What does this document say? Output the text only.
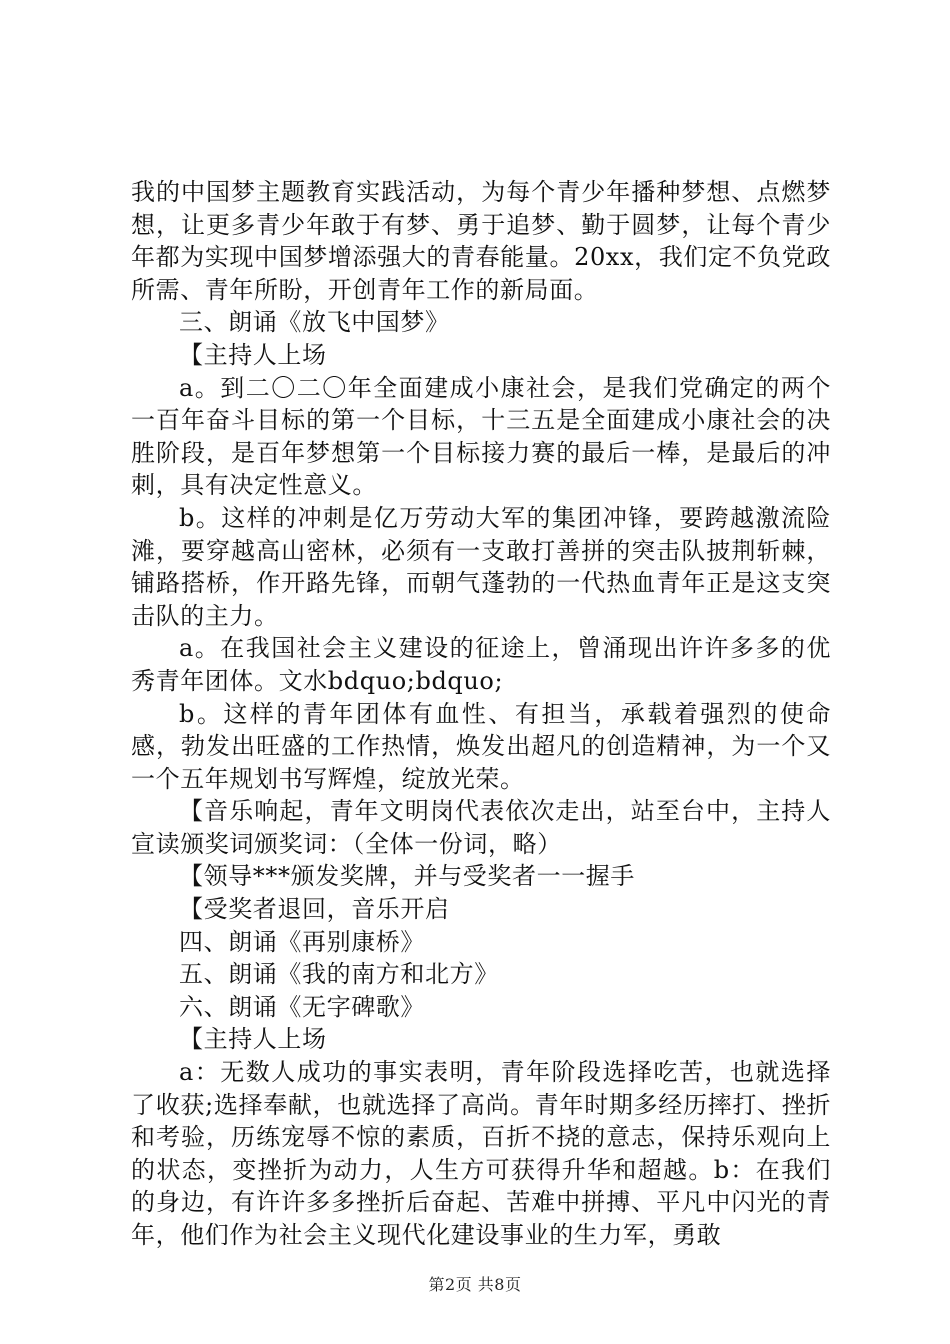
我的中国梦主题教育实践活动，为每个青少年播种梦想、点燃梦想，让更多青少年敢于有梦、勇于追梦、勤于圆梦，让每个青少年都为实现中国梦增添强大的青春能量。20xx，我们定不负党政所需、青年所盼，开创青年工作的新局面。

三、朗诵《放飞中国梦》

【主持人上场

a。到二〇二〇年全面建成小康社会，是我们党确定的两个一百年奋斗目标的第一个目标，十三五是全面建成小康社会的决胜阶段，是百年梦想第一个目标接力赛的最后一棒，是最后的冲刺，具有决定性意义。

b。这样的冲刺是亿万劳动大军的集团冲锋，要跨越激流险滩，要穿越高山密林，必须有一支敢打善拼的突击队披荆斩棘，铺路搭桥，作开路先锋，而朝气蓬勃的一代热血青年正是这支突击队的主力。

a。在我国社会主义建设的征途上，曾涌现出许许多多的优秀青年团体。文水bdquo;bdquo;

b。这样的青年团体有血性、有担当，承载着强烈的使命感，勃发出旺盛的工作热情，焕发出超凡的创造精神，为一个又一个五年规划书写辉煌，绽放光荣。

【音乐响起，青年文明岗代表依次走出，站至台中，主持人宣读颁奖词颁奖词：（全体一份词，略）

【领导***颁发奖牌，并与受奖者一一握手

【受奖者退回，音乐开启

四、朗诵《再别康桥》

五、朗诵《我的南方和北方》

六、朗诵《无字碑歌》

【主持人上场

a：无数人成功的事实表明，青年阶段选择吃苦，也就选择了收获;选择奉献，也就选择了高尚。青年时期多经历摔打、挫折和考验，历练宠辱不惊的素质，百折不挠的意志，保持乐观向上的状态，变挫折为动力，人生方可获得升华和超越。b：在我们的身边，有许许多多挫折后奋起、苦难中拼搏、平凡中闪光的青年，他们作为社会主义现代化建设事业的生力军，勇敢

第2页 共8页
